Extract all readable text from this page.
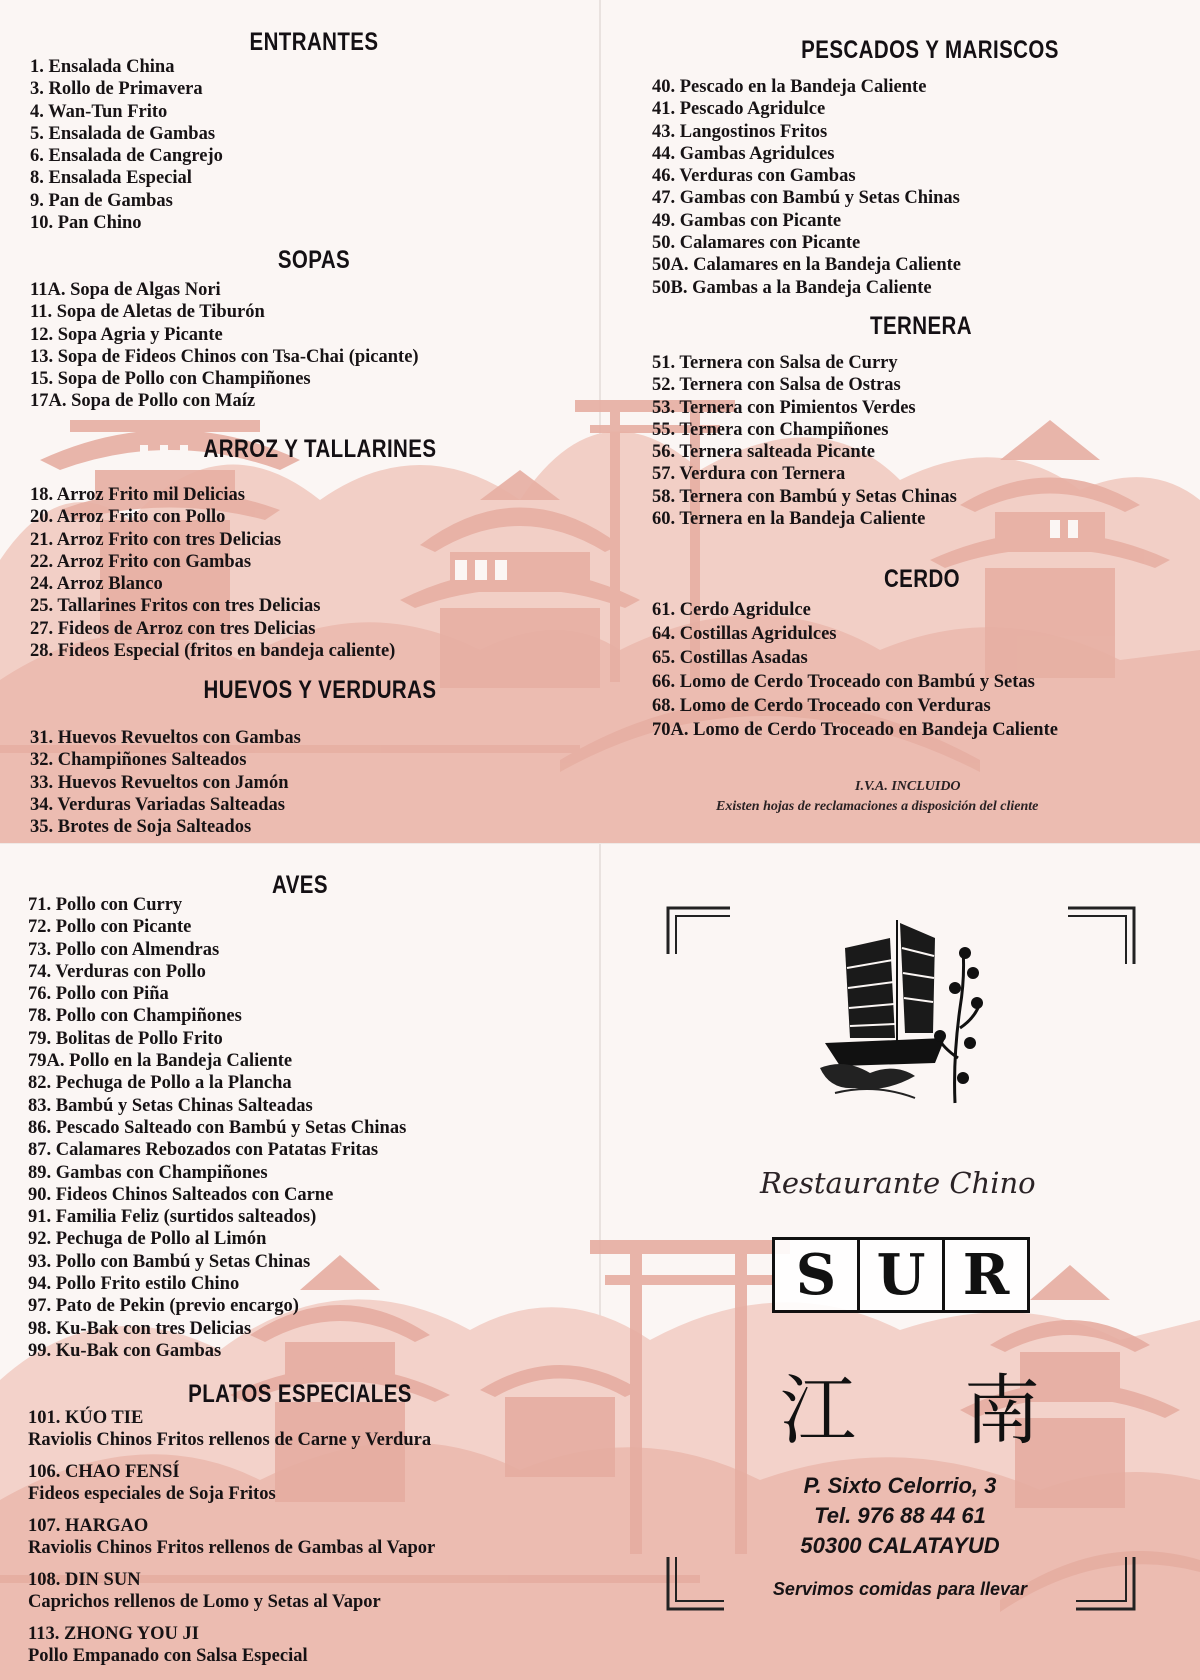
ENTRANTES
1. Ensalada China
3. Rollo de Primavera
4. Wan-Tun Frito
5. Ensalada de Gambas
6. Ensalada de Cangrejo
8. Ensalada Especial
9. Pan de Gambas
10. Pan Chino
SOPAS
11A. Sopa de Algas Nori
11. Sopa de Aletas de Tiburón
12. Sopa Agria y Picante
13. Sopa de Fideos Chinos con Tsa-Chai (picante)
15. Sopa de Pollo con Champiñones
17A. Sopa de Pollo con Maíz
ARROZ Y TALLARINES
18. Arroz Frito mil Delicias
20. Arroz Frito con Pollo
21. Arroz Frito con tres Delicias
22. Arroz Frito con Gambas
24. Arroz Blanco
25. Tallarines Fritos con tres Delicias
27. Fideos de Arroz con tres Delicias
28. Fideos Especial (fritos en bandeja caliente)
HUEVOS Y VERDURAS
31. Huevos Revueltos con Gambas
32. Champiñones Salteados
33. Huevos Revueltos con Jamón
34. Verduras Variadas Salteadas
35. Brotes de Soja Salteados
PESCADOS Y MARISCOS
40. Pescado en la Bandeja Caliente
41. Pescado Agridulce
43. Langostinos Fritos
44. Gambas Agridulces
46. Verduras con Gambas
47. Gambas con Bambú y Setas Chinas
49. Gambas con Picante
50. Calamares con Picante
50A. Calamares en la Bandeja Caliente
50B. Gambas a la Bandeja Caliente
TERNERA
51. Ternera con Salsa de Curry
52. Ternera con Salsa de Ostras
53. Ternera con Pimientos Verdes
55. Ternera con Champiñones
56. Ternera salteada Picante
57. Verdura con Ternera
58. Ternera con Bambú y Setas Chinas
60. Ternera en la Bandeja Caliente
CERDO
61. Cerdo Agridulce
64. Costillas Agridulces
65. Costillas Asadas
66. Lomo de Cerdo Troceado con Bambú y Setas
68. Lomo de Cerdo Troceado con Verduras
70A. Lomo de Cerdo Troceado en Bandeja Caliente
I.V.A. INCLUIDO
Existen hojas de reclamaciones a disposición del cliente
AVES
71. Pollo con Curry
72. Pollo con Picante
73. Pollo con Almendras
74. Verduras con Pollo
76. Pollo con Piña
78. Pollo con Champiñones
79. Bolitas de Pollo Frito
79A. Pollo en la Bandeja Caliente
82. Pechuga de Pollo a la Plancha
83. Bambú y Setas Chinas Salteadas
86. Pescado Salteado con Bambú y Setas Chinas
87. Calamares Rebozados con Patatas Fritas
89. Gambas con Champiñones
90. Fideos Chinos Salteados con Carne
91. Familia Feliz (surtidos salteados)
92. Pechuga de Pollo al Limón
93. Pollo con Bambú y Setas Chinas
94. Pollo Frito estilo Chino
97. Pato de Pekin (previo encargo)
98. Ku-Bak con tres Delicias
99. Ku-Bak con Gambas
PLATOS ESPECIALES
101. KÚO TIE
Raviolis Chinos Fritos rellenos de Carne y Verdura
106. CHAO FENSÍ
Fideos especiales de Soja Fritos
107. HARGAO
Raviolis Chinos Fritos rellenos de Gambas al Vapor
108. DIN SUN
Caprichos rellenos de Lomo y Setas al Vapor
113. ZHONG YOU JI
Pollo Empanado con Salsa Especial
Restaurante Chino
S U R
江 南
P. Sixto Celorrio, 3
Tel. 976 88 44 61
50300 CALATAYUD
Servimos comidas para llevar
